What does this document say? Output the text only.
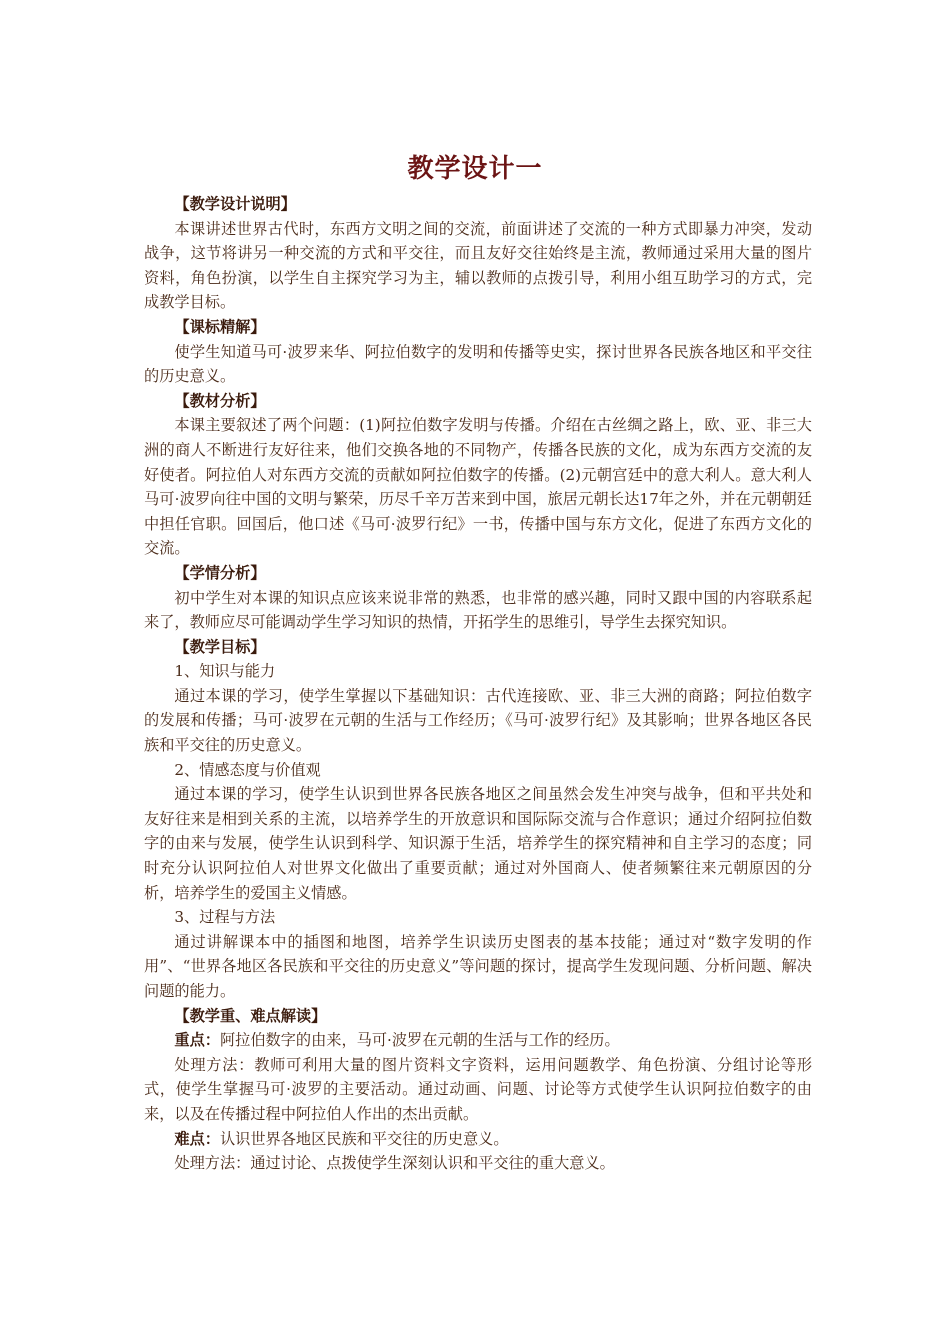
教学设计一

【教学设计说明】

本课讲述世界古代时，东西方文明之间的交流，前面讲述了交流的一种方式即暴力冲突，发动战争，这节将讲另一种交流的方式和平交往，而且友好交往始终是主流，教师通过采用大量的图片资料，角色扮演，以学生自主探究学习为主，辅以教师的点拨引导，利用小组互助学习的方式，完成教学目标。

【课标精解】

使学生知道马可·波罗来华、阿拉伯数字的发明和传播等史实，探讨世界各民族各地区和平交往的历史意义。

【教材分析】

本课主要叙述了两个问题：(1)阿拉伯数字发明与传播。介绍在古丝绸之路上，欧、亚、非三大洲的商人不断进行友好往来，他们交换各地的不同物产，传播各民族的文化，成为东西方交流的友好使者。阿拉伯人对东西方交流的贡献如阿拉伯数字的传播。(2)元朝宫廷中的意大利人。意大利人马可·波罗向往中国的文明与繁荣，历尽千辛万苦来到中国，旅居元朝长达17年之外，并在元朝朝廷中担任官职。回国后，他口述《马可·波罗行纪》一书，传播中国与东方文化，促进了东西方文化的交流。

【学情分析】

初中学生对本课的知识点应该来说非常的熟悉，也非常的感兴趣，同时又跟中国的内容联系起来了，教师应尽可能调动学生学习知识的热情，开拓学生的思维引，导学生去探究知识。

【教学目标】

1、知识与能力

通过本课的学习，使学生掌握以下基础知识：古代连接欧、亚、非三大洲的商路；阿拉伯数字的发展和传播；马可·波罗在元朝的生活与工作经历；《马可·波罗行纪》及其影响；世界各地区各民族和平交往的历史意义。

2、情感态度与价值观

通过本课的学习，使学生认识到世界各民族各地区之间虽然会发生冲突与战争，但和平共处和友好往来是相到关系的主流，以培养学生的开放意识和国际际交流与合作意识；通过介绍阿拉伯数字的由来与发展，使学生认识到科学、知识源于生活，培养学生的探究精神和自主学习的态度；同时充分认识阿拉伯人对世界文化做出了重要贡献；通过对外国商人、使者频繁往来元朝原因的分析，培养学生的爱国主义情感。

3、过程与方法

通过讲解课本中的插图和地图，培养学生识读历史图表的基本技能；通过对“数字发明的作用”、“世界各地区各民族和平交往的历史意义”等问题的探讨，提高学生发现问题、分析问题、解决问题的能力。

【教学重、难点解读】

重点：阿拉伯数字的由来，马可·波罗在元朝的生活与工作的经历。

处理方法：教师可利用大量的图片资料文字资料，运用问题教学、角色扮演、分组讨论等形式，使学生掌握马可·波罗的主要活动。通过动画、问题、讨论等方式使学生认识阿拉伯数字的由来，以及在传播过程中阿拉伯人作出的杰出贡献。

难点：认识世界各地区民族和平交往的历史意义。

处理方法：通过讨论、点拨使学生深刻认识和平交往的重大意义。
